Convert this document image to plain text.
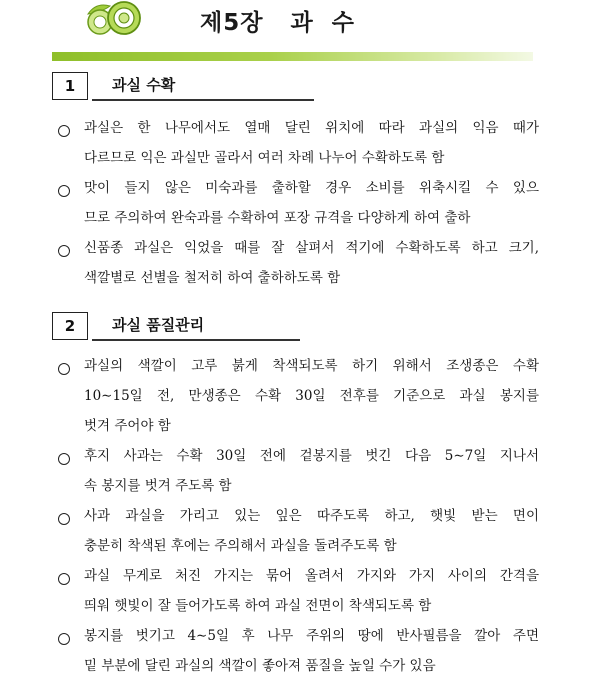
제5장   과  수
1	과실 수확
과실은 한 나무에서도 열매 달린 위치에 따라 과실의 익음 때가
다르므로 익은 과실만 골라서 여러 차례 나누어 수확하도록 함
맛이 들지 않은 미숙과를 출하할 경우 소비를 위축시킬 수 있으
므로 주의하여 완숙과를 수확하여 포장 규격을 다양하게 하여 출하
신품종 과실은 익었을 때를 잘 살펴서 적기에 수확하도록 하고 크기,
색깔별로 선별을 철저히 하여 출하하도록 함
2	과실 품질관리
과실의 색깔이 고루 붉게 착색되도록 하기 위해서 조생종은 수확
10∼15일 전, 만생종은 수확 30일 전후를 기준으로 과실 봉지를
벗겨 주어야 함
후지 사과는 수확 30일 전에 겉봉지를 벗긴 다음 5∼7일 지나서
속 봉지를 벗겨 주도록 함
사과 과실을 가리고 있는 잎은 따주도록 하고, 햇빛 받는 면이
충분히 착색된 후에는 주의해서 과실을 돌려주도록 함
과실 무게로 처진 가지는 묶어 올려서 가지와 가지 사이의 간격을
띄워 햇빛이 잘 들어가도록 하여 과실 전면이 착색되도록 함
봉지를 벗기고 4∼5일 후 나무 주위의 땅에 반사필름을 깔아 주면
밑 부분에 달린 과실의 색깔이 좋아져 품질을 높일 수가 있음
